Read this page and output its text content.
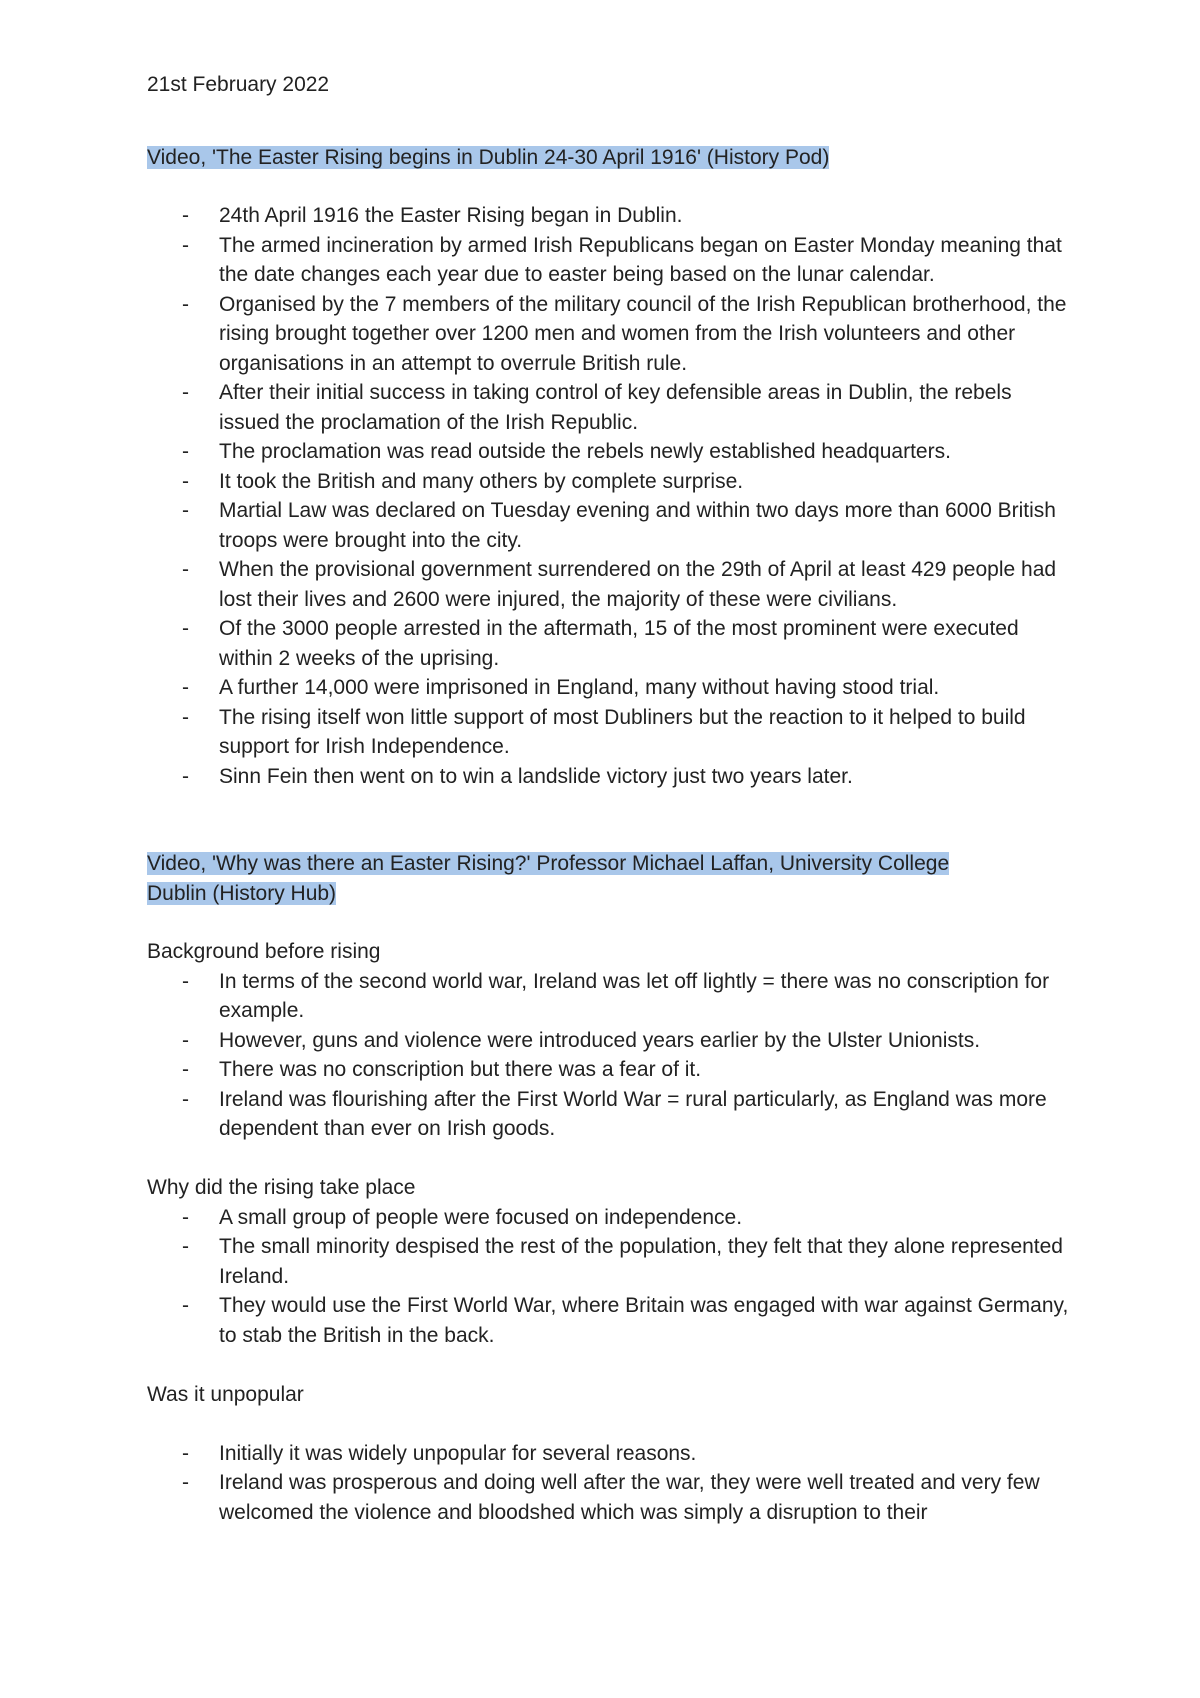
21st February 2022

Video, 'The Easter Rising begins in Dublin 24-30 April 1916' (History Pod)

- 24th April 1916 the Easter Rising began in Dublin.
- The armed incineration by armed Irish Republicans began on Easter Monday meaning that the date changes each year due to easter being based on the lunar calendar.
- Organised by the 7 members of the military council of the Irish Republican brotherhood, the rising brought together over 1200 men and women from the Irish volunteers and other organisations in an attempt to overrule British rule.
- After their initial success in taking control of key defensible areas in Dublin, the rebels issued the proclamation of the Irish Republic.
- The proclamation was read outside the rebels newly established headquarters.
- It took the British and many others by complete surprise.
- Martial Law was declared on Tuesday evening and within two days more than 6000 British troops were brought into the city.
- When the provisional government surrendered on the 29th of April at least 429 people had lost their lives and 2600 were injured, the majority of these were civilians.
- Of the 3000 people arrested in the aftermath, 15 of the most prominent were executed within 2 weeks of the uprising.
- A further 14,000 were imprisoned in England, many without having stood trial.
- The rising itself won little support of most Dubliners but the reaction to it helped to build support for Irish Independence.
- Sinn Fein then went on to win a landslide victory just two years later.

Video, 'Why was there an Easter Rising?' Professor Michael Laffan, University College
Dublin (History Hub)

Background before rising

- In terms of the second world war, Ireland was let off lightly = there was no conscription for example.
- However, guns and violence were introduced years earlier by the Ulster Unionists.
- There was no conscription but there was a fear of it.
- Ireland was flourishing after the First World War = rural particularly, as England was more dependent than ever on Irish goods.

Why did the rising take place

- A small group of people were focused on independence.
- The small minority despised the rest of the population, they felt that they alone represented Ireland.
- They would use the First World War, where Britain was engaged with war against Germany, to stab the British in the back.

Was it unpopular

- Initially it was widely unpopular for several reasons.
- Ireland was prosperous and doing well after the war, they were well treated and very few welcomed the violence and bloodshed which was simply a disruption to their
